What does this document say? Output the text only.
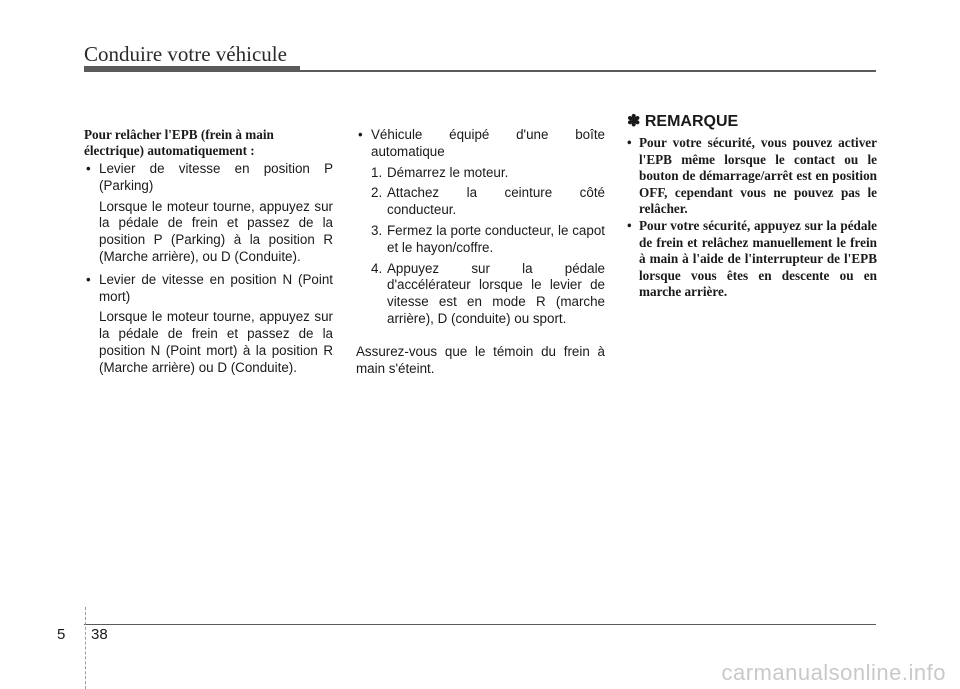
Conduire votre véhicule
Pour relâcher l'EPB (frein à main électrique) automatiquement :
• Levier de vitesse en position P (Parking)
Lorsque le moteur tourne, appuyez sur la pédale de frein et passez de la position P (Parking) à la position R (Marche arrière), ou D (Conduite).
• Levier de vitesse en position N (Point mort)
Lorsque le moteur tourne, appuyez sur la pédale de frein et passez de la position N (Point mort) à la position R (Marche arrière) ou D (Conduite).
• Véhicule équipé d'une boîte automatique
1. Démarrez le moteur.
2. Attachez la ceinture côté conducteur.
3. Fermez la porte conducteur, le capot et le hayon/coffre.
4. Appuyez sur la pédale d'accélérateur lorsque le levier de vitesse est en mode R (marche arrière), D (conduite) ou sport.
Assurez-vous que le témoin du frein à main s'éteint.
✽ REMARQUE
• Pour votre sécurité, vous pouvez activer l'EPB même lorsque le contact ou le bouton de démarrage/arrêt est en position OFF, cependant vous ne pouvez pas le relâcher.
• Pour votre sécurité, appuyez sur la pédale de frein et relâchez manuellement le frein à main à l'aide de l'interrupteur de l'EPB lorsque vous êtes en descente ou en marche arrière.
5 38
carmanualsonline.info
